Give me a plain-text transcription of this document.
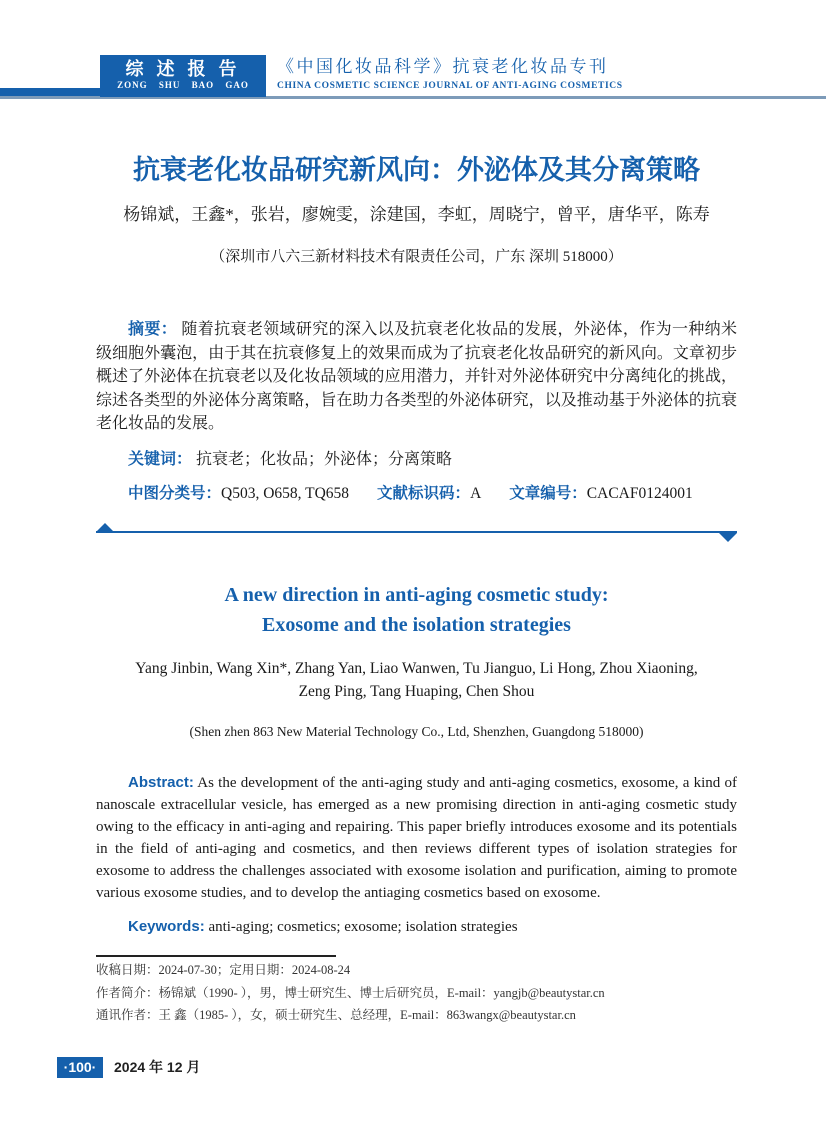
综 述 报 告
ZONG SHU BAO GAO
《中国化妆品科学》抗衰老化妆品专刊
CHINA COSMETIC SCIENCE JOURNAL OF ANTI-AGING COSMETICS
抗衰老化妆品研究新风向：外泌体及其分离策略
杨锦斌，王鑫*，张岩，廖婉雯，涂建国，李虹，周晓宁，曾平，唐华平，陈寿
（深圳市八六三新材料技术有限责任公司，广东 深圳 518000）
摘要： 随着抗衰老领域研究的深入以及抗衰老化妆品的发展，外泌体，作为一种纳米级细胞外囊泡，由于其在抗衰修复上的效果而成为了抗衰老化妆品研究的新风向。文章初步概述了外泌体在抗衰老以及化妆品领域的应用潜力，并针对外泌体研究中分离纯化的挑战，综述各类型的外泌体分离策略，旨在助力各类型的外泌体研究，以及推动基于外泌体的抗衰老化妆品的发展。
关键词： 抗衰老；化妆品；外泌体；分离策略
中图分类号：Q503, O658, TQ658 文献标识码：A 文章编号：CACAF0124001
A new direction in anti-aging cosmetic study:
Exosome and the isolation strategies
Yang Jinbin, Wang Xin*, Zhang Yan, Liao Wanwen, Tu Jianguo, Li Hong, Zhou Xiaoning,
Zeng Ping, Tang Huaping, Chen Shou
(Shen zhen 863 New Material Technology Co., Ltd, Shenzhen, Guangdong 518000)
Abstract: As the development of the anti-aging study and anti-aging cosmetics, exosome, a kind of nanoscale extracellular vesicle, has emerged as a new promising direction in anti-aging cosmetic study owing to the efficacy in anti-aging and repairing. This paper briefly introduces exosome and its potentials in the field of anti-aging and cosmetics, and then reviews different types of isolation strategies for exosome to address the challenges associated with exosome isolation and purification, aiming to promote various exosome studies, and to develop the antiaging cosmetics based on exosome.
Keywords: anti-aging; cosmetics; exosome; isolation strategies
收稿日期：2024-07-30；定用日期：2024-08-24
作者简介：杨锦斌（1990- ），男，博士研究生、博士后研究员，E-mail：yangjb@beautystar.cn
通讯作者：王 鑫（1985- ），女，硕士研究生、总经理，E-mail：863wangx@beautystar.cn
·100·	2024 年 12 月
